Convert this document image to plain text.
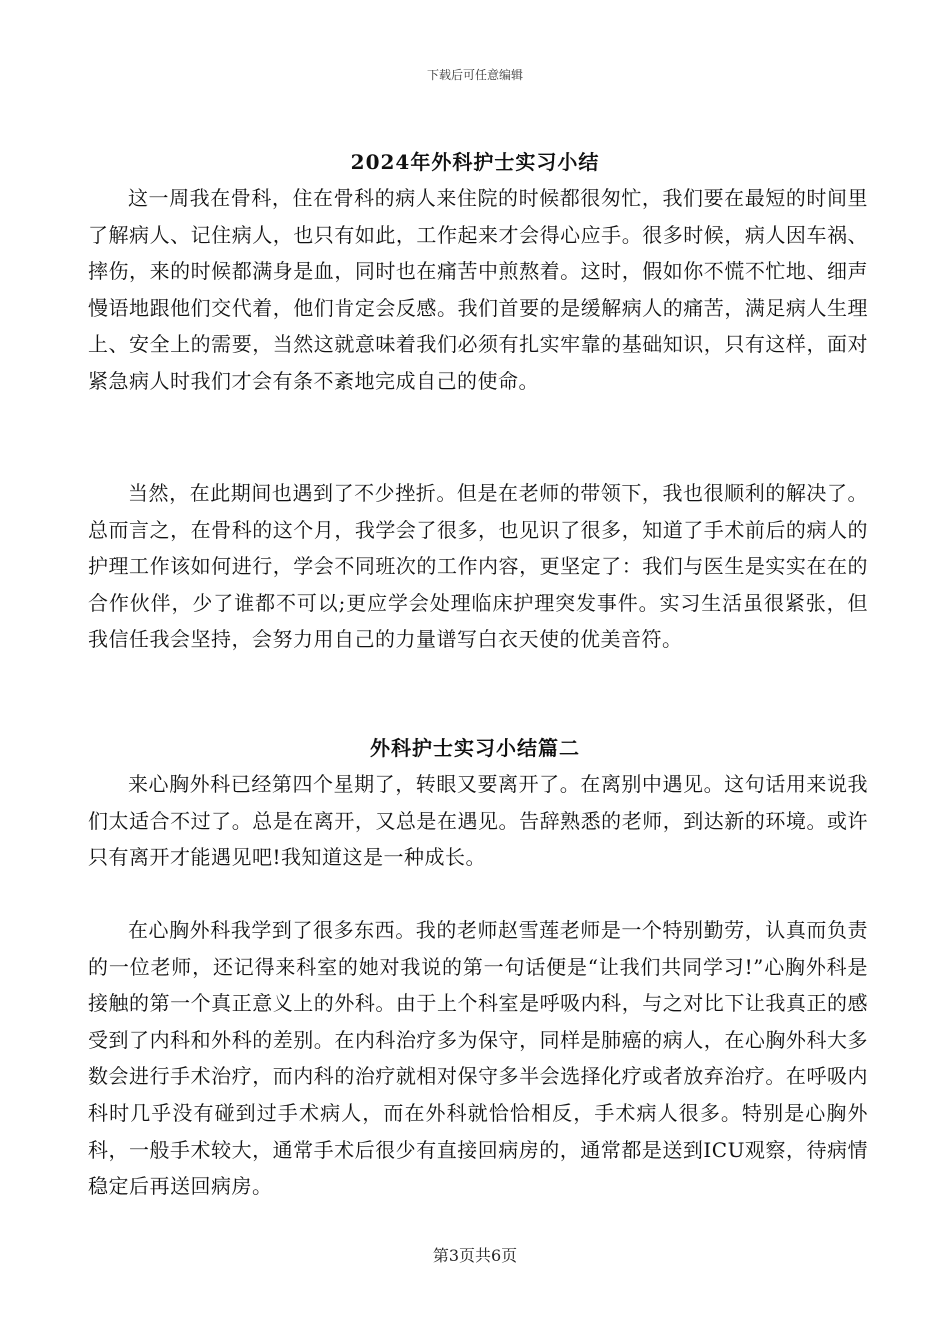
下载后可任意编辑
2024年外科护士实习小结

这一周我在骨科，住在骨科的病人来住院的时候都很匆忙，我们要在最短的时间里了解病人、记住病人，也只有如此，工作起来才会得心应手。很多时候，病人因车祸、摔伤，来的时候都满身是血，同时也在痛苦中煎熬着。这时，假如你不慌不忙地、细声慢语地跟他们交代着，他们肯定会反感。我们首要的是缓解病人的痛苦，满足病人生理上、安全上的需要，当然这就意味着我们必须有扎实牢靠的基础知识，只有这样，面对紧急病人时我们才会有条不紊地完成自己的使命。

当然，在此期间也遇到了不少挫折。但是在老师的带领下，我也很顺利的解决了。总而言之，在骨科的这个月，我学会了很多，也见识了很多，知道了手术前后的病人的护理工作该如何进行，学会不同班次的工作内容，更坚定了：我们与医生是实实在在的合作伙伴，少了谁都不可以;更应学会处理临床护理突发事件。实习生活虽很紧张，但我信任我会坚持，会努力用自己的力量谱写白衣天使的优美音符。

外科护士实习小结篇二

来心胸外科已经第四个星期了，转眼又要离开了。在离别中遇见。这句话用来说我们太适合不过了。总是在离开，又总是在遇见。告辞熟悉的老师，到达新的环境。或许只有离开才能遇见吧!我知道这是一种成长。

在心胸外科我学到了很多东西。我的老师赵雪莲老师是一个特别勤劳，认真而负责的一位老师，还记得来科室的她对我说的第一句话便是“让我们共同学习!”心胸外科是接触的第一个真正意义上的外科。由于上个科室是呼吸内科，与之对比下让我真正的感受到了内科和外科的差别。在内科治疗多为保守，同样是肺癌的病人，在心胸外科大多数会进行手术治疗，而内科的治疗就相对保守多半会选择化疗或者放弃治疗。在呼吸内科时几乎没有碰到过手术病人，而在外科就恰恰相反，手术病人很多。特别是心胸外科，一般手术较大，通常手术后很少有直接回病房的，通常都是送到ICU观察，待病情稳定后再送回病房。

第3页共6页
